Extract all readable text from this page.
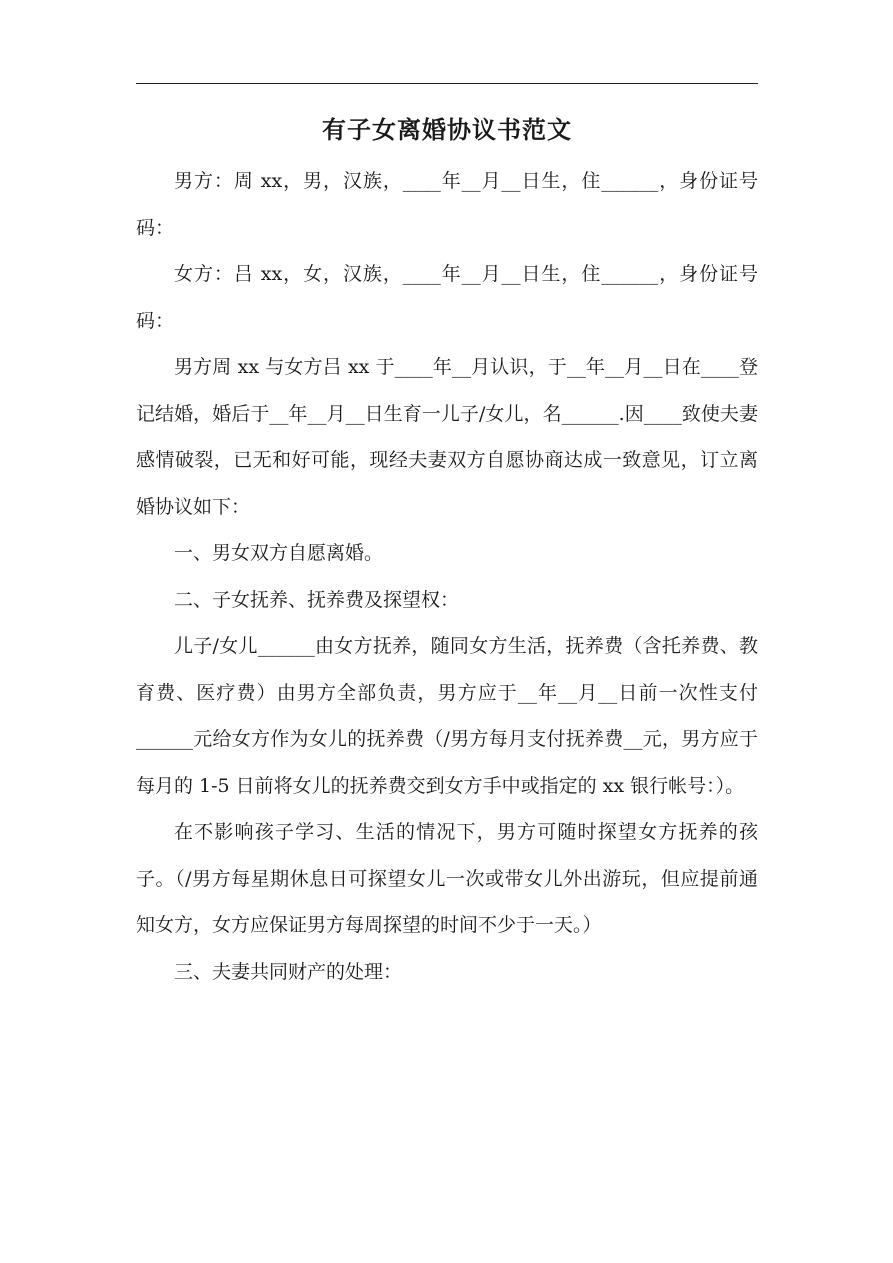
有子女离婚协议书范文

男方：周 xx，男，汉族，____年__月__日生，住______，身份证号码：

女方：吕 xx，女，汉族，____年__月__日生，住______，身份证号码：

男方周 xx 与女方吕 xx 于____年__月认识，于__年__月__日在____登记结婚，婚后于__年__月__日生育一儿子/女儿，名______.因____致使夫妻感情破裂，已无和好可能，现经夫妻双方自愿协商达成一致意见，订立离婚协议如下：

一、男女双方自愿离婚。

二、子女抚养、抚养费及探望权：

儿子/女儿______由女方抚养，随同女方生活，抚养费（含托养费、教育费、医疗费）由男方全部负责，男方应于__年__月__日前一次性支付______元给女方作为女儿的抚养费（/男方每月支付抚养费__元，男方应于每月的 1-5 日前将女儿的抚养费交到女方手中或指定的 xx 银行帐号：）。

在不影响孩子学习、生活的情况下，男方可随时探望女方抚养的孩子。（/男方每星期休息日可探望女儿一次或带女儿外出游玩，但应提前通知女方，女方应保证男方每周探望的时间不少于一天。）

三、夫妻共同财产的处理：
